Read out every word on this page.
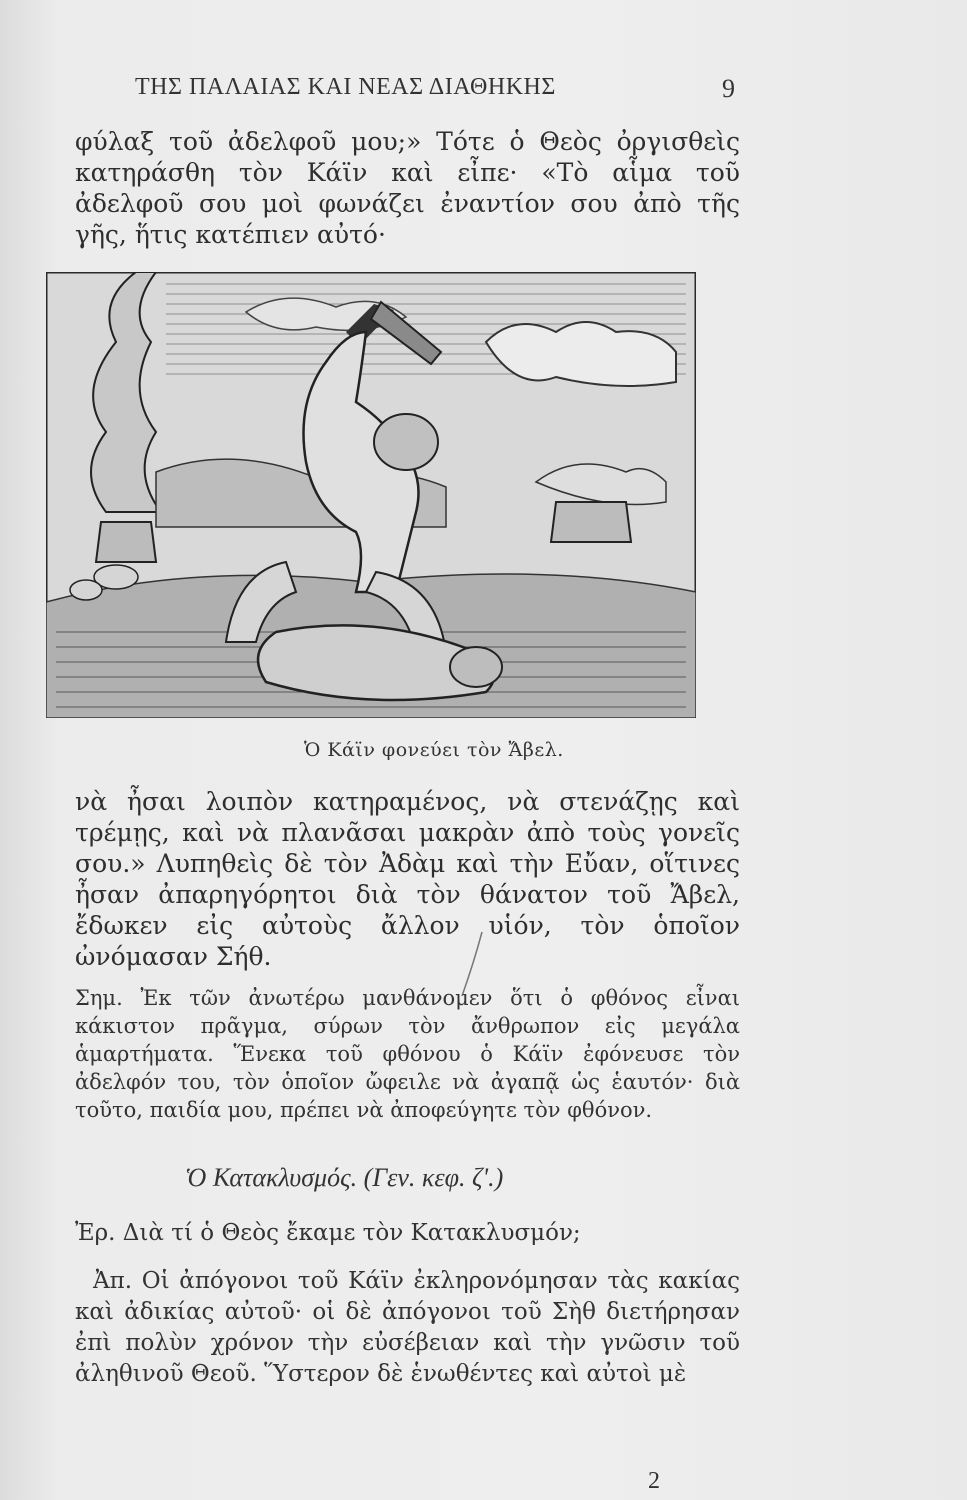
ΤΗΣ ΠΑΛΑΙΑΣ ΚΑΙ ΝΕΑΣ ΔΙΑΘΗΚΗΣ	9
φύλαξ τοῦ ἀδελφοῦ μου;» Τότε ὁ Θεὸς ὀργισθεὶς κατηράσθη τὸν Κάϊν καὶ εἶπε· «Τὸ αἷμα τοῦ ἀδελφοῦ σου μοὶ φωνάζει ἐναντίον σου ἀπὸ τῆς γῆς, ἥτις κατέπιεν αὐτό·
Ὁ Κάϊν φονεύει τὸν Ἄβελ.
νὰ ἦσαι λοιπὸν κατηραμένος, νὰ στενάζῃς καὶ τρέμῃς, καὶ νὰ πλανᾶσαι μακρὰν ἀπὸ τοὺς γονεῖς σου.» Λυπηθεὶς δὲ τὸν Ἀδὰμ καὶ τὴν Εὔαν, οἵτινες ἦσαν ἀπαρηγόρητοι διὰ τὸν θάνατον τοῦ Ἄβελ, ἔδωκεν εἰς αὐτοὺς ἄλλον υἱόν, τὸν ὁποῖον ὠνόμασαν Σήθ.
Σημ. Ἐκ τῶν ἀνωτέρω μανθάνομεν ὅτι ὁ φθόνος εἶναι κάκιστον πρᾶγμα, σύρων τὸν ἄνθρωπον εἰς μεγάλα ἁμαρτήματα. Ἕνεκα τοῦ φθόνου ὁ Κάϊν ἐφόνευσε τὸν ἀδελφόν του, τὸν ὁποῖον ὤφειλε νὰ ἀγαπᾷ ὡς ἑαυτόν· διὰ τοῦτο, παιδία μου, πρέπει νὰ ἀποφεύγητε τὸν φθόνον.
Ὁ Κατακλυσμός. (Γεν. κεφ. ζ'.)
Ἐρ. Διὰ τί ὁ Θεὸς ἔκαμε τὸν Κατακλυσμόν;
Ἀπ. Οἱ ἀπόγονοι τοῦ Κάϊν ἐκληρονόμησαν τὰς κακίας καὶ ἀδικίας αὐτοῦ· οἱ δὲ ἀπόγονοι τοῦ Σὴθ διετήρησαν ἐπὶ πολὺν χρόνον τὴν εὐσέβειαν καὶ τὴν γνῶσιν τοῦ ἀληθινοῦ Θεοῦ. Ὕστερον δὲ ἑνωθέντες καὶ αὐτοὶ μὲ
2
